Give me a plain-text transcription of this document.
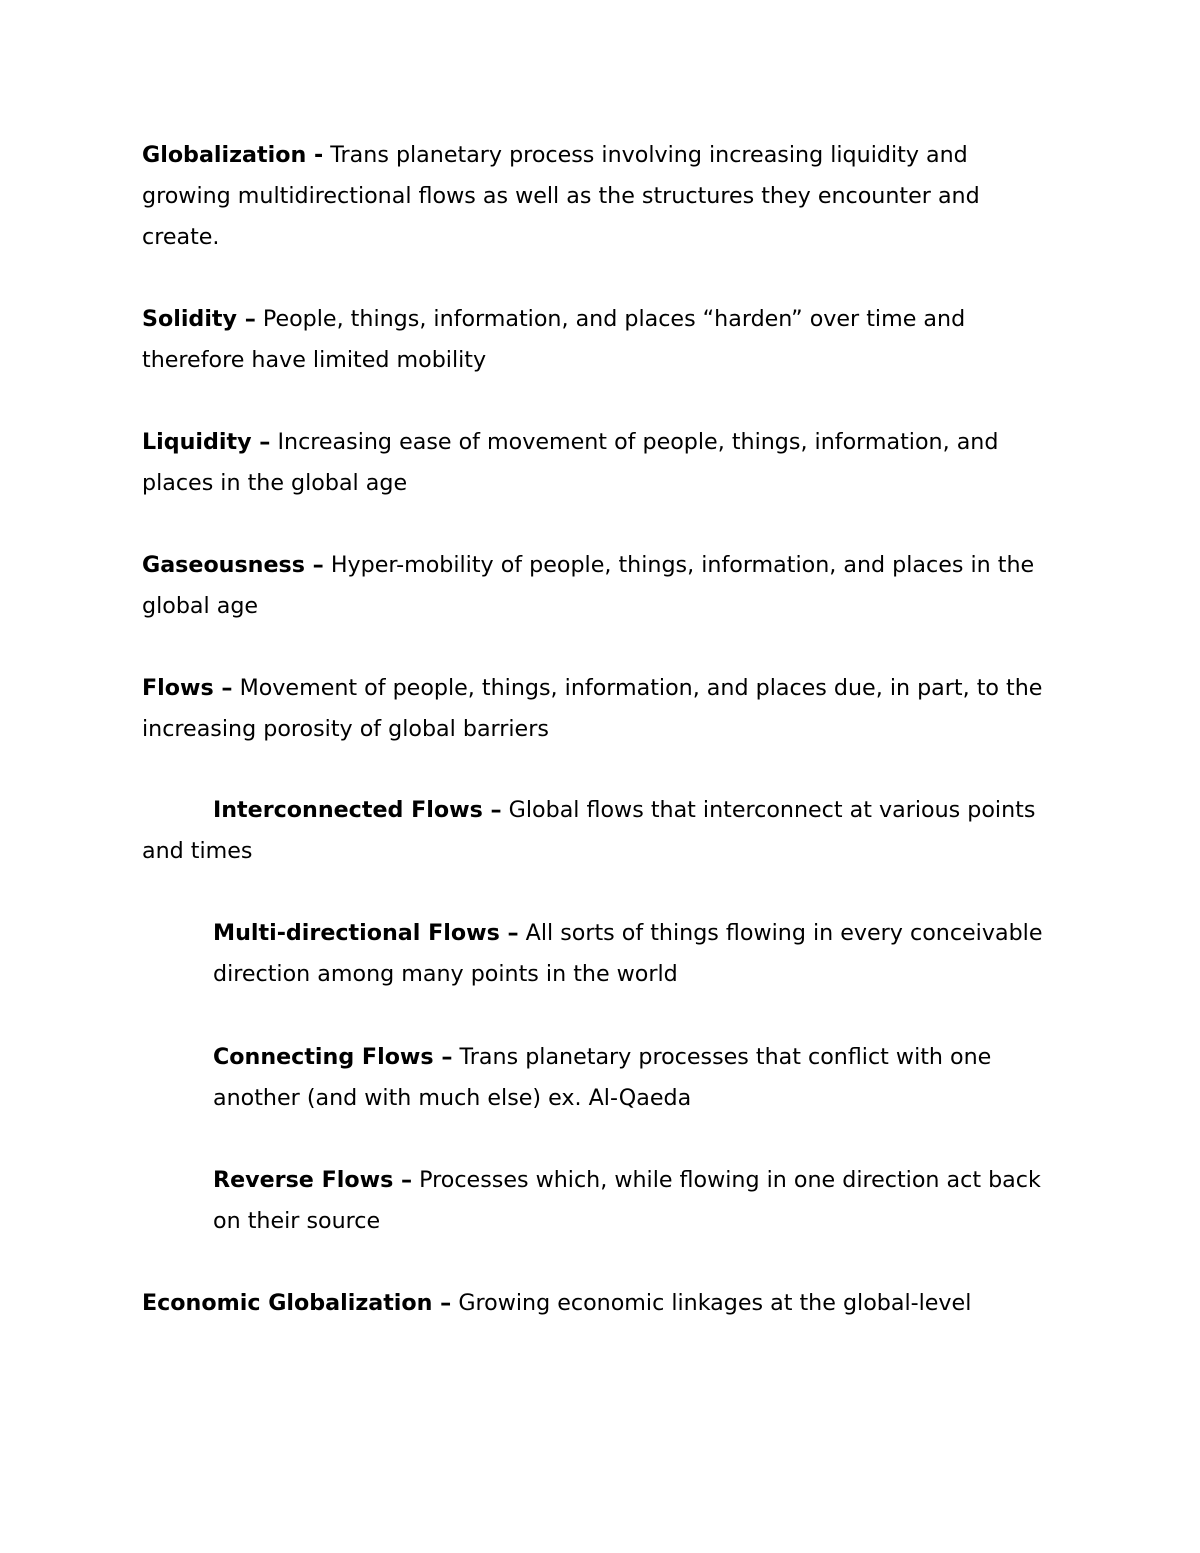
Globalization - Trans planetary process involving increasing liquidity and growing multidirectional flows as well as the structures they encounter and create.

Solidity – People, things, information, and places “harden” over time and therefore have limited mobility

Liquidity – Increasing ease of movement of people, things, information, and places in the global age

Gaseousness – Hyper-mobility of people, things, information, and places in the global age

Flows – Movement of people, things, information, and places due, in part, to the increasing porosity of global barriers

Interconnected Flows – Global flows that interconnect at various points and times

Multi-directional Flows – All sorts of things flowing in every conceivable direction among many points in the world

Connecting Flows – Trans planetary processes that conflict with one another (and with much else) ex. Al-Qaeda

Reverse Flows – Processes which, while flowing in one direction act back on their source

Economic Globalization – Growing economic linkages at the global-level
